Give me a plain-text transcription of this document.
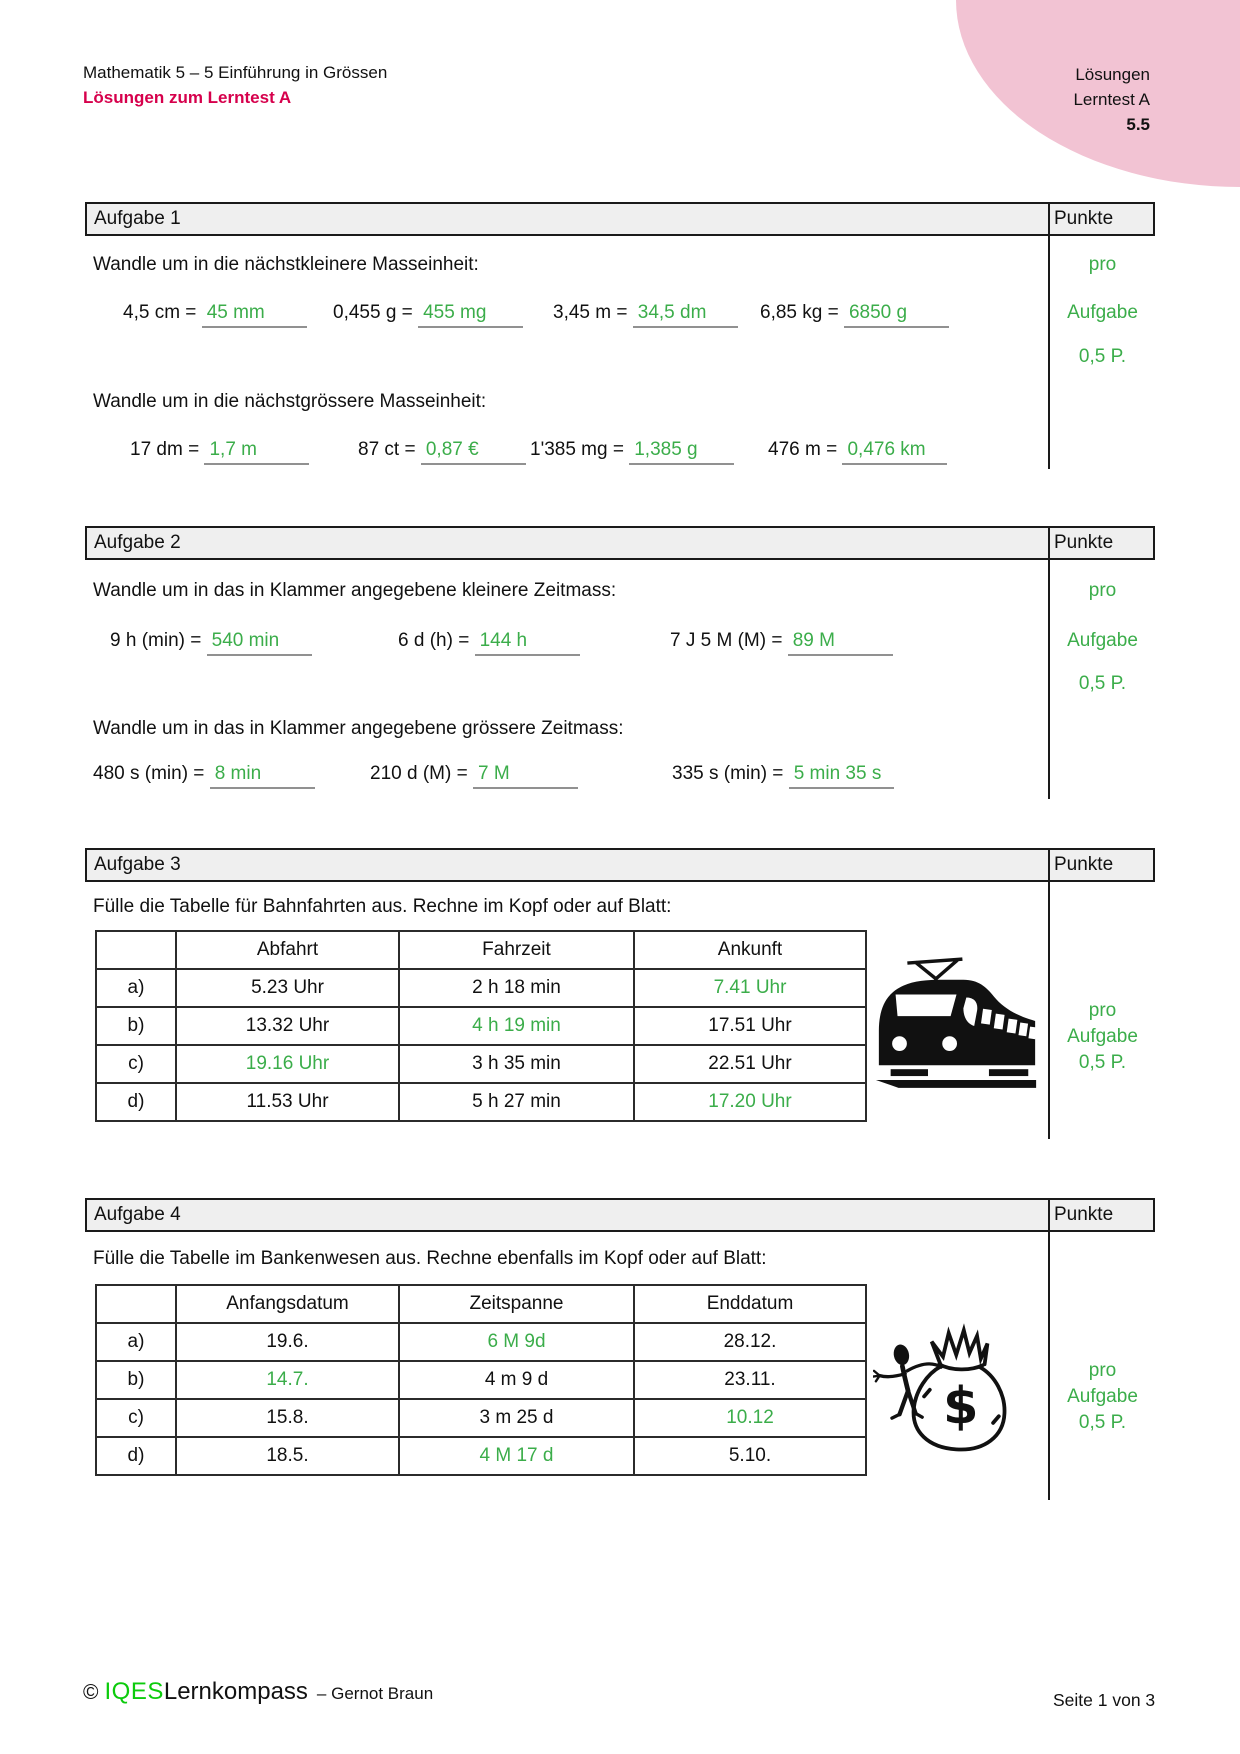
Lösungen
Lerntest A
5.5
Mathematik 5 – 5 Einführung in Grössen
Lösungen zum Lerntest A
Aufgabe 1	Punkte
Wandle um in die nächstkleinere Masseinheit:
4,5 cm = 45 mm	0,455 g = 455 mg	3,45 m = 34,5 dm	6,85 kg = 6850 g
Wandle um in die nächstgrössere Masseinheit:
17 dm = 1,7 m	87 ct = 0,87 €	1'385 mg = 1,385 g	476 m = 0,476 km
pro
Aufgabe
0,5 P.
Aufgabe 2	Punkte
Wandle um in das in Klammer angegebene kleinere Zeitmass:
9 h (min) = 540 min	6 d (h) = 144 h	7 J 5 M (M) = 89 M
Wandle um in das in Klammer angegebene grössere Zeitmass:
480 s (min) = 8 min	210 d (M) = 7 M	335 s (min) = 5 min 35 s
pro
Aufgabe
0,5 P.
Aufgabe 3	Punkte
Fülle die Tabelle für Bahnfahrten aus. Rechne im Kopf oder auf Blatt:
	Abfahrt	Fahrzeit	Ankunft
a)	5.23 Uhr	2 h 18 min	7.41 Uhr
b)	13.32 Uhr	4 h 19 min	17.51 Uhr
c)	19.16 Uhr	3 h 35 min	22.51 Uhr
d)	11.53 Uhr	5 h 27 min	17.20 Uhr
pro
Aufgabe
0,5 P.
Aufgabe 4	Punkte
Fülle die Tabelle im Bankenwesen aus. Rechne ebenfalls im Kopf oder auf Blatt:
	Anfangsdatum	Zeitspanne	Enddatum
a)	19.6.	6 M 9d	28.12.
b)	14.7.	4 m 9 d	23.11.
c)	15.8.	3 m 25 d	10.12
d)	18.5.	4 M 17 d	5.10.
$
pro
Aufgabe
0,5 P.
© IQESLernkompass – Gernot Braun	Seite 1 von 3
